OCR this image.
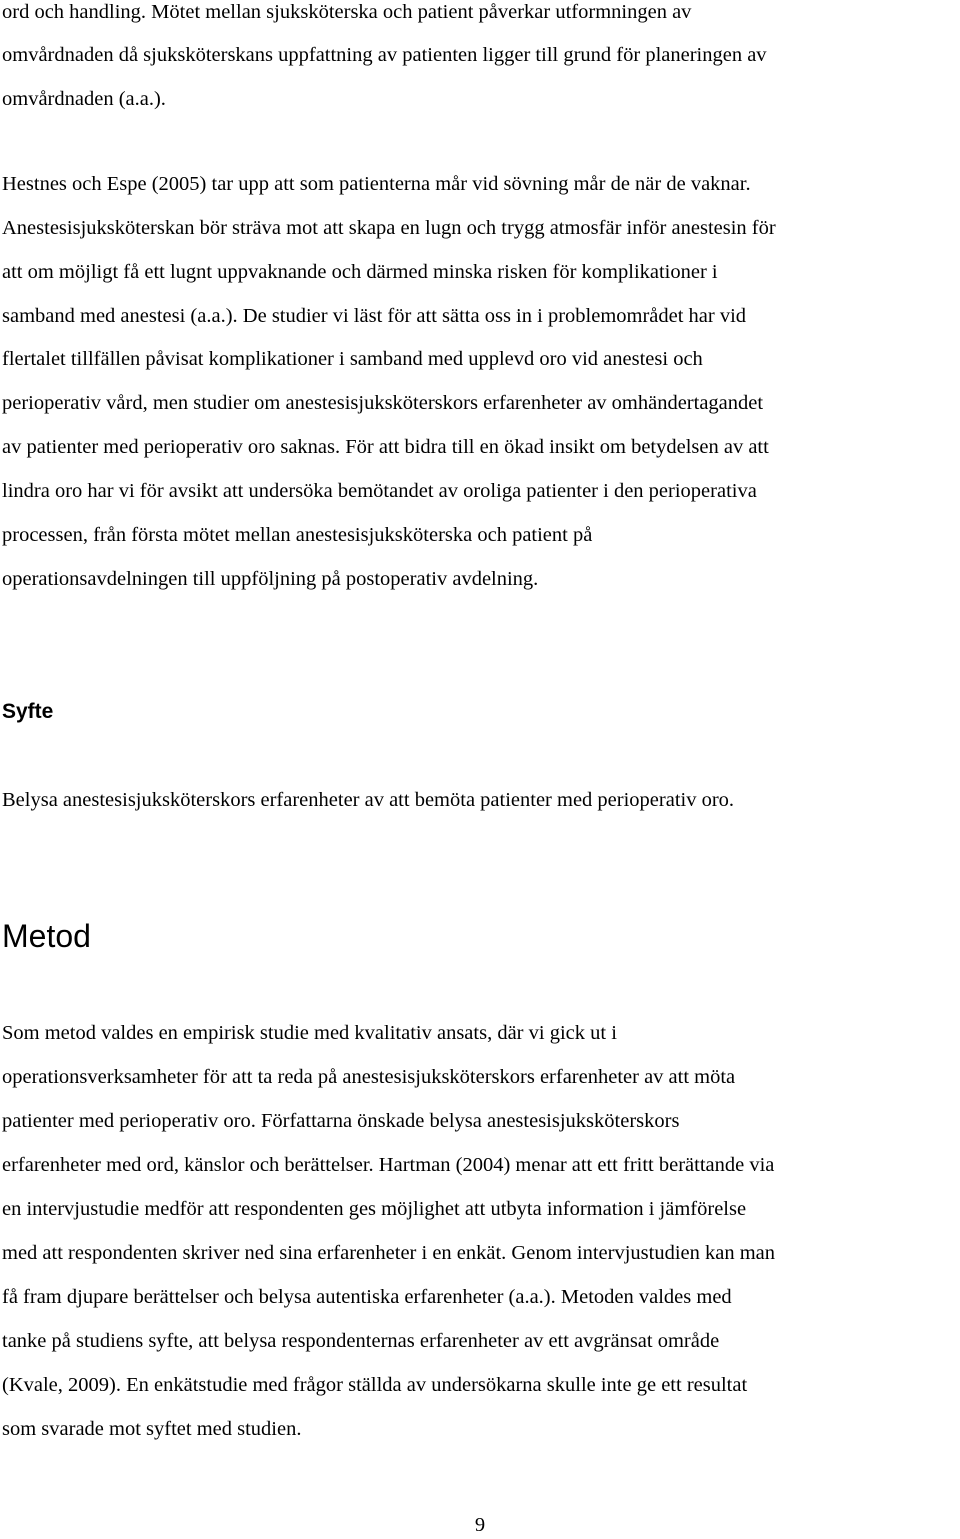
ord och handling. Mötet mellan sjuksköterska och patient påverkar utformningen av

omvårdnaden då sjuksköterskans uppfattning av patienten ligger till grund för planeringen av

omvårdnaden (a.a.).

Hestnes och Espe (2005) tar upp att som patienterna mår vid sövning mår de när de vaknar.

Anestesisjuksköterskan bör sträva mot att skapa en lugn och trygg atmosfär inför anestesin för

att om möjligt få ett lugnt uppvaknande och därmed minska risken för komplikationer i

samband med anestesi (a.a.). De studier vi läst för att sätta oss in i problemområdet har vid

flertalet tillfällen påvisat komplikationer i samband med upplevd oro vid anestesi och

perioperativ vård, men studier om anestesisjuksköterskors erfarenheter av omhändertagandet

av patienter med perioperativ oro saknas. För att bidra till en ökad insikt om betydelsen av att

lindra oro har vi för avsikt att undersöka bemötandet av oroliga patienter i den perioperativa

processen, från första mötet mellan anestesisjuksköterska och patient på

operationsavdelningen till uppföljning på postoperativ avdelning.

Syfte

Belysa anestesisjuksköterskors erfarenheter av att bemöta patienter med perioperativ oro.

Metod

Som metod valdes en empirisk studie med kvalitativ ansats, där vi gick ut i

operationsverksamheter för att ta reda på anestesisjuksköterskors erfarenheter av att möta

patienter med perioperativ oro. Författarna önskade belysa anestesisjuksköterskors

erfarenheter med ord, känslor och berättelser. Hartman (2004) menar att ett fritt berättande via

en intervjustudie medför att respondenten ges möjlighet att utbyta information i jämförelse

med att respondenten skriver ned sina erfarenheter i en enkät. Genom intervjustudien kan man

få fram djupare berättelser och belysa autentiska erfarenheter (a.a.). Metoden valdes med

tanke på studiens syfte, att belysa respondenternas erfarenheter av ett avgränsat område

(Kvale, 2009). En enkätstudie med frågor ställda av undersökarna skulle inte ge ett resultat

som svarade mot syftet med studien.

9
